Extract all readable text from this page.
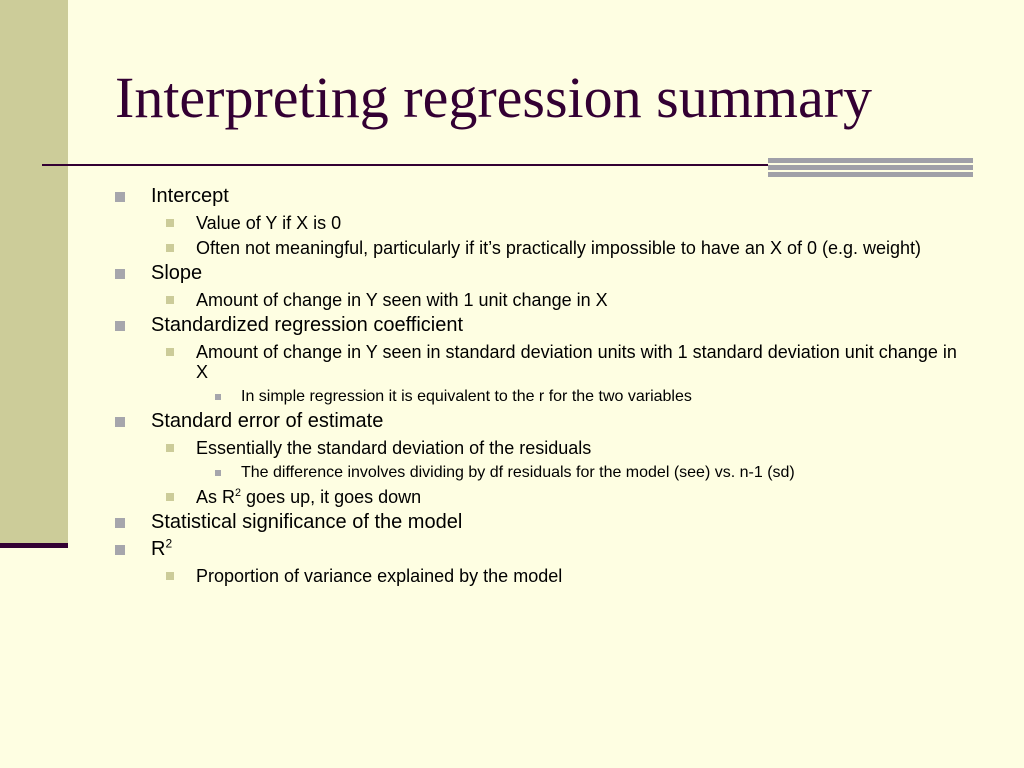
Interpreting regression summary
Intercept
Value of Y if X is 0
Often not meaningful, particularly if it’s practically impossible to have an X of 0 (e.g. weight)
Slope
Amount of change in Y seen with 1 unit change in X
Standardized regression coefficient
Amount of change in Y seen in standard deviation units with 1 standard deviation unit change in X
In simple regression it is equivalent to the r for the two variables
Standard error of estimate
Essentially the standard deviation of the residuals
The difference involves dividing by df residuals for the model (see) vs. n-1 (sd)
As $R^2$ goes up, it goes down
Statistical significance of the model
$R^2$
Proportion of variance explained by the model
